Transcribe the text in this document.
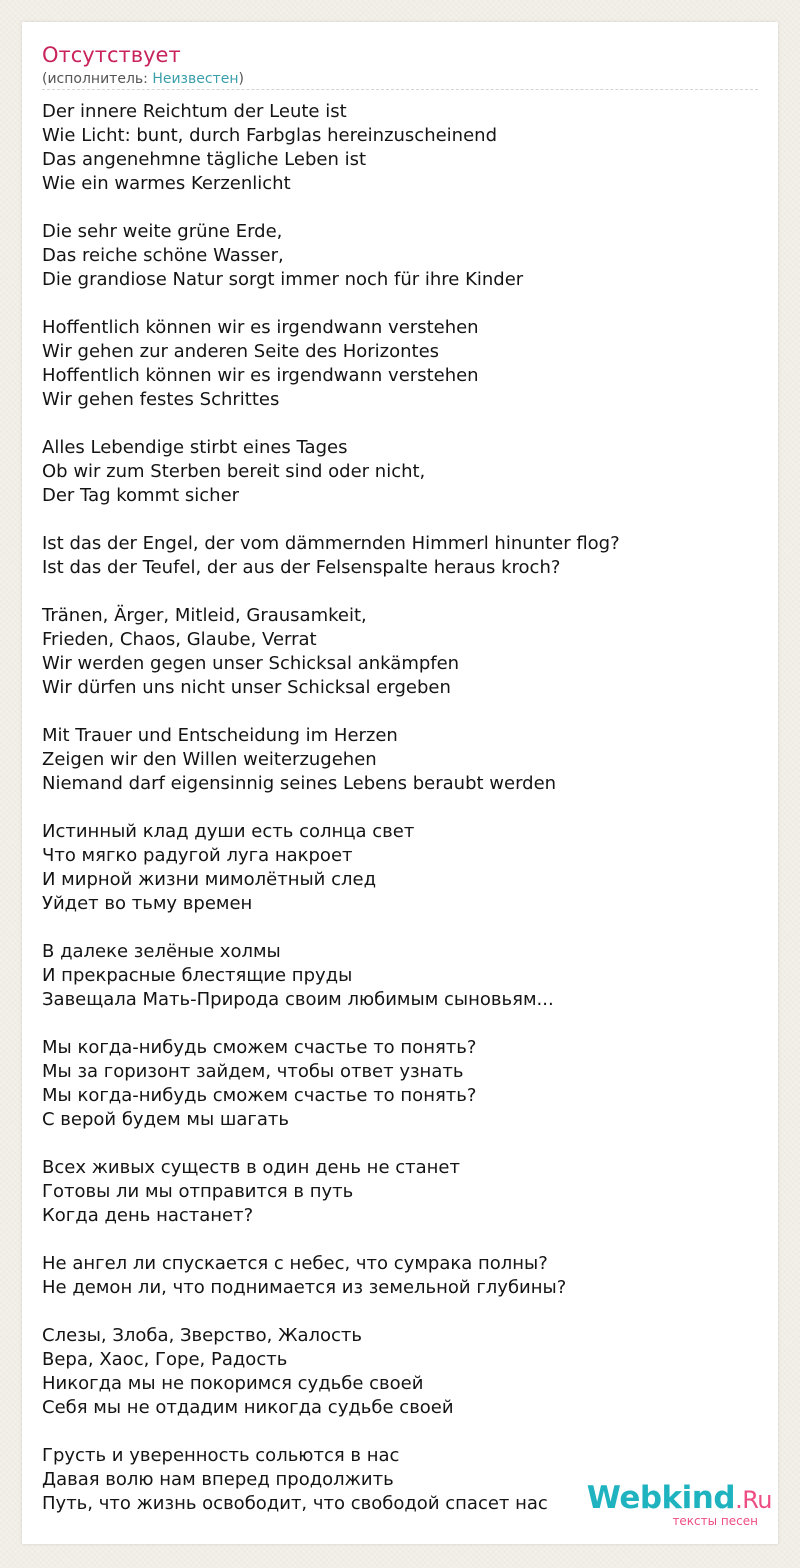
Отсутствует
(исполнитель: Неизвестен)
Der innere Reichtum der Leute ist
Wie Licht: bunt, durch Farbglas hereinzuscheinend
Das angenehmne tägliche Leben ist
Wie ein warmes Kerzenlicht
Die sehr weite grüne Erde,
Das reiche schöne Wasser,
Die grandiose Natur sorgt immer noch für ihre Kinder
Hoffentlich können wir es irgendwann verstehen
Wir gehen zur anderen Seite des Horizontes
Hoffentlich können wir es irgendwann verstehen
Wir gehen festes Schrittes
Alles Lebendige stirbt eines Tages
Ob wir zum Sterben bereit sind oder nicht,
Der Tag kommt sicher
Ist das der Engel, der vom dämmernden Himmerl hinunter flog?
Ist das der Teufel, der aus der Felsenspalte heraus kroch?
Tränen, Ärger, Mitleid, Grausamkeit,
Frieden, Chaos, Glaube, Verrat
Wir werden gegen unser Schicksal ankämpfen
Wir dürfen uns nicht unser Schicksal ergeben
Mit Trauer und Entscheidung im Herzen
Zeigen wir den Willen weiterzugehen
Niemand darf eigensinnig seines Lebens beraubt werden
Истинный клад души есть солнца свет
Что мягко радугой луга накроет
И мирной жизни мимолётный след
Уйдет во тьму времен
В далеке зелёные холмы
И прекрасные блестящие пруды
Завещала Мать-Природа своим любимым сыновьям...
Мы когда-нибудь сможем счастье то понять?
Мы за горизонт зайдем, чтобы ответ узнать
Мы когда-нибудь сможем счастье то понять?
С верой будем мы шагать
Всех живых существ в один день не станет
Готовы ли мы отправится в путь
Когда день настанет?
Не ангел ли спускается с небес, что сумрака полны?
Не демон ли, что поднимается из земельной глубины?
Слезы, Злоба, Зверство, Жалость
Вера, Хаос, Горе, Радость
Никогда мы не покоримся судьбе своей
Себя мы не отдадим никогда судьбе своей
Грусть и уверенность сольются в нас
Давая волю нам вперед продолжить
Путь, что жизнь освободит, что свободой спасет нас	Webkind.Ru
тексты песен
